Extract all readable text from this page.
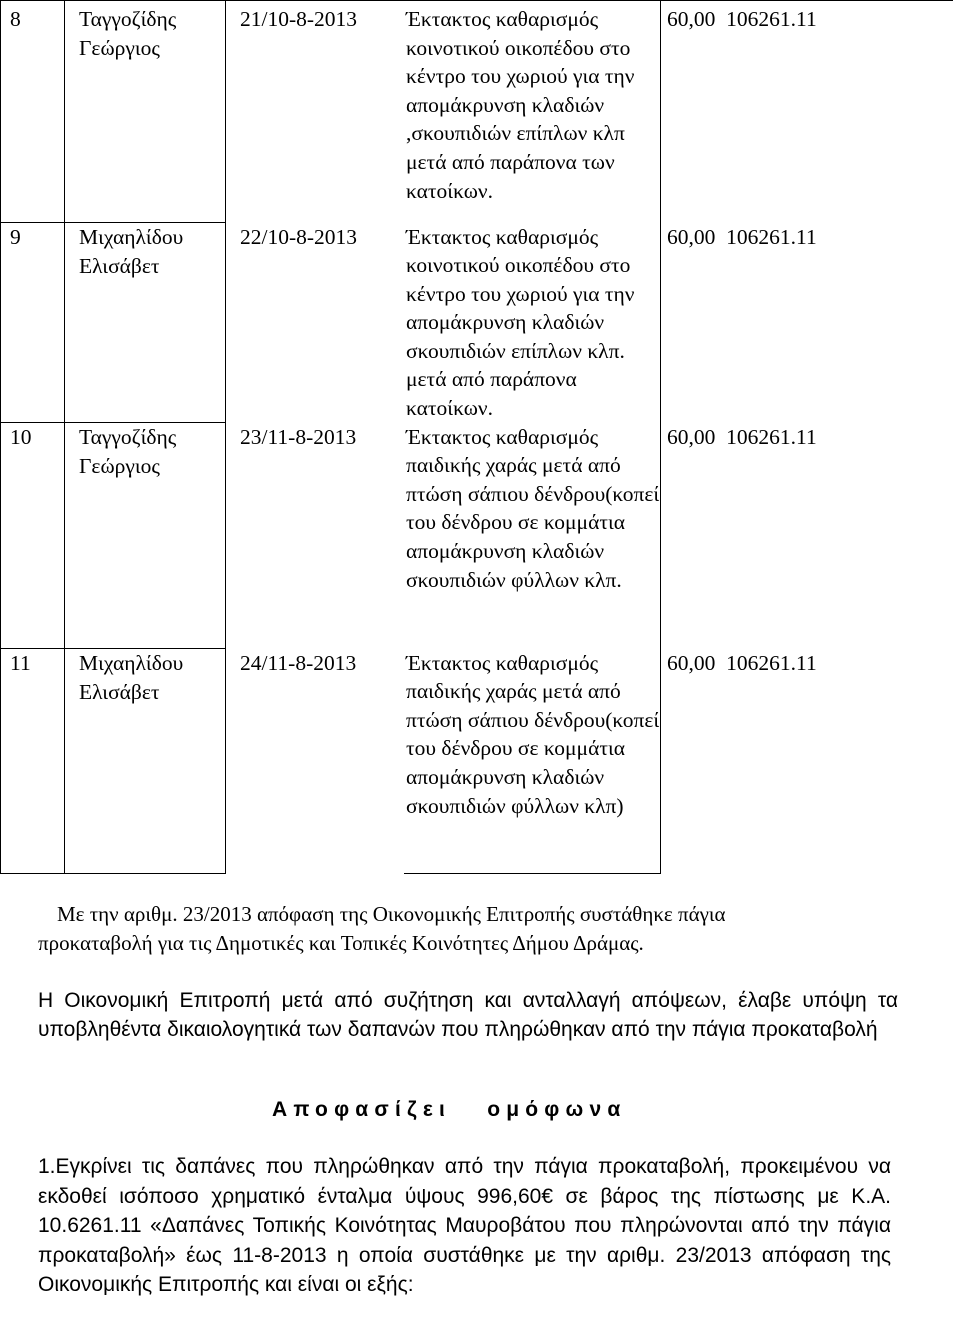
8	Ταγγοζίδης Γεώργιος	21/10-8-2013	Έκτακτος καθαρισμός κοινοτικού οικοπέδου στο κέντρο του χωριού για την απομάκρυνση κλαδιών ,σκουπιδιών επίπλων κλπ μετά από παράπονα των κατοίκων.	60,00 106261.11
9	Μιχαηλίδου Ελισάβετ	22/10-8-2013	Έκτακτος καθαρισμός κοινοτικού οικοπέδου στο κέντρο του χωριού για την απομάκρυνση κλαδιών σκουπιδιών επίπλων κλπ. μετά από παράπονα κατοίκων.	60,00 106261.11
10	Ταγγοζίδης Γεώργιος	23/11-8-2013	Έκτακτος καθαρισμός παιδικής χαράς μετά από πτώση σάπιου δένδρου(κοπεί του δένδρου σε κομμάτια απομάκρυνση κλαδιών σκουπιδιών φύλλων κλπ.	60,00 106261.11
11	Μιχαηλίδου Ελισάβετ	24/11-8-2013	Έκτακτος καθαρισμός παιδικής χαράς μετά από πτώση σάπιου δένδρου(κοπεί του δένδρου σε κομμάτια απομάκρυνση κλαδιών σκουπιδιών φύλλων κλπ)	60,00 106261.11
Με την αριθμ. 23/2013 απόφαση της Οικονομικής Επιτροπής συστάθηκε πάγια
προκαταβολή για τις Δημοτικές και Τοπικές Κοινότητες Δήμου Δράμας.
Η Οικονομική Επιτροπή μετά από συζήτηση και ανταλλαγή απόψεων, έλαβε υπόψη τα υποβληθέντα δικαιολογητικά των δαπανών που πληρώθηκαν από την πάγια προκαταβολή
Αποφασίζει   ομόφωνα
1.Εγκρίνει τις δαπάνες που πληρώθηκαν από την πάγια προκαταβολή, προκειμένου να εκδοθεί ισόποσο χρηματικό ένταλμα ύψους 996,60€ σε βάρος της πίστωσης με Κ.Α. 10.6261.11 «Δαπάνες Τοπικής Κοινότητας Μαυροβάτου που πληρώνονται από την πάγια προκαταβολή» έως 11-8-2013 η οποία συστάθηκε με την αριθμ. 23/2013 απόφαση της Οικονομικής Επιτροπής και είναι οι εξής:
